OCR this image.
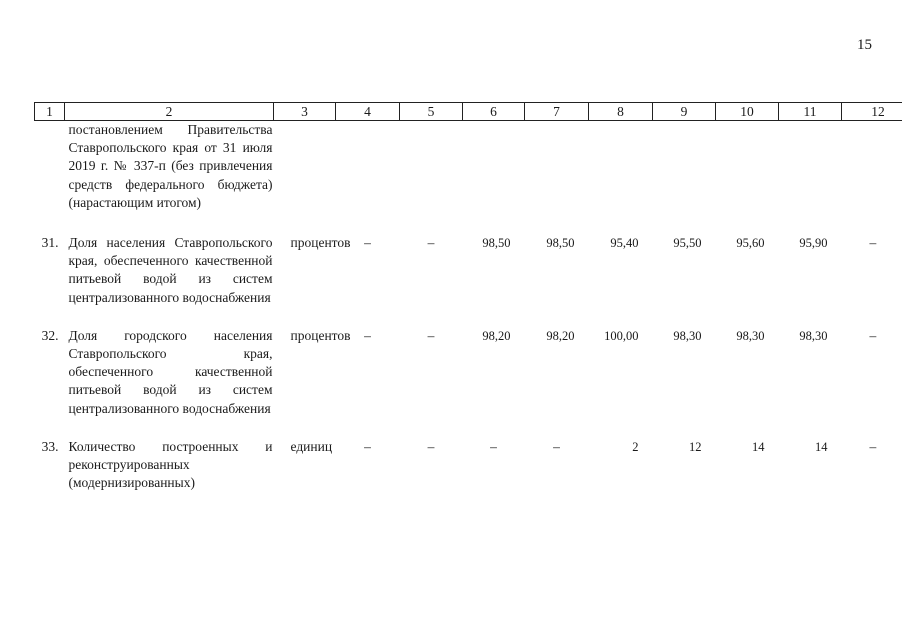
15
1	2	3	4	5	6	7	8	9	10	11	12
	постановлением Правительства Ставропольского края от 31 июля 2019 г. № 337-п (без привлечения средств федерального бюджета) (нарастающим итогом)										

31.	Доля населения Ставропольского края, обеспеченного качественной питьевой водой из систем централизованного водоснабжения	процентов	–	–	98,50	98,50	95,40	95,50	95,60	95,90	–

32.	Доля городского населения Ставропольского края, обеспеченного качественной питьевой водой из систем централизованного водоснабжения	процентов	–	–	98,20	98,20	100,00	98,30	98,30	98,30	–

33.	Количество построенных и реконструированных (модернизированных)	единиц	–	–	–	–	2	12	14	14	–
